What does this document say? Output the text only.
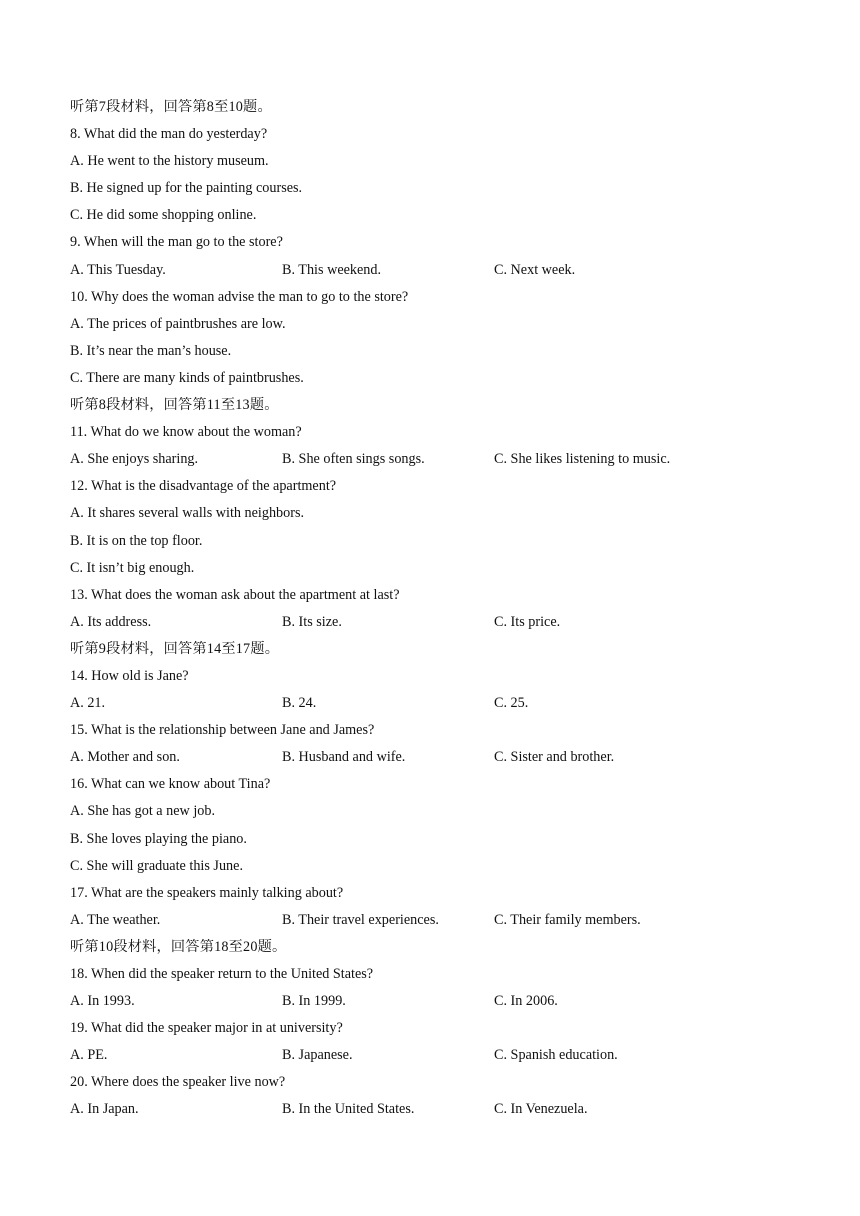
听第7段材料，回答第8至10题。
8. What did the man do yesterday?
A. He went to the history museum.
B. He signed up for the painting courses.
C. He did some shopping online.
9. When will the man go to the store?
A. This Tuesday.	B. This weekend.	C. Next week.
10. Why does the woman advise the man to go to the store?
A. The prices of paintbrushes are low.
B. It’s near the man’s house.
C. There are many kinds of paintbrushes.
听第8段材料，回答第11至13题。
11. What do we know about the woman?
A. She enjoys sharing.	B. She often sings songs.	C. She likes listening to music.
12. What is the disadvantage of the apartment?
A. It shares several walls with neighbors.
B. It is on the top floor.
C. It isn’t big enough.
13. What does the woman ask about the apartment at last?
A. Its address.	B. Its size.	C. Its price.
听第9段材料，回答第14至17题。
14. How old is Jane?
A. 21.	B. 24.	C. 25.
15. What is the relationship between Jane and James?
A. Mother and son.	B. Husband and wife.	C. Sister and brother.
16. What can we know about Tina?
A. She has got a new job.
B. She loves playing the piano.
C. She will graduate this June.
17. What are the speakers mainly talking about?
A. The weather.	B. Their travel experiences.	C. Their family members.
听第10段材料，回答第18至20题。
18. When did the speaker return to the United States?
A. In 1993.	B. In 1999.	C. In 2006.
19. What did the speaker major in at university?
A. PE.	B. Japanese.	C. Spanish education.
20. Where does the speaker live now?
A. In Japan.	B. In the United States.	C. In Venezuela.
